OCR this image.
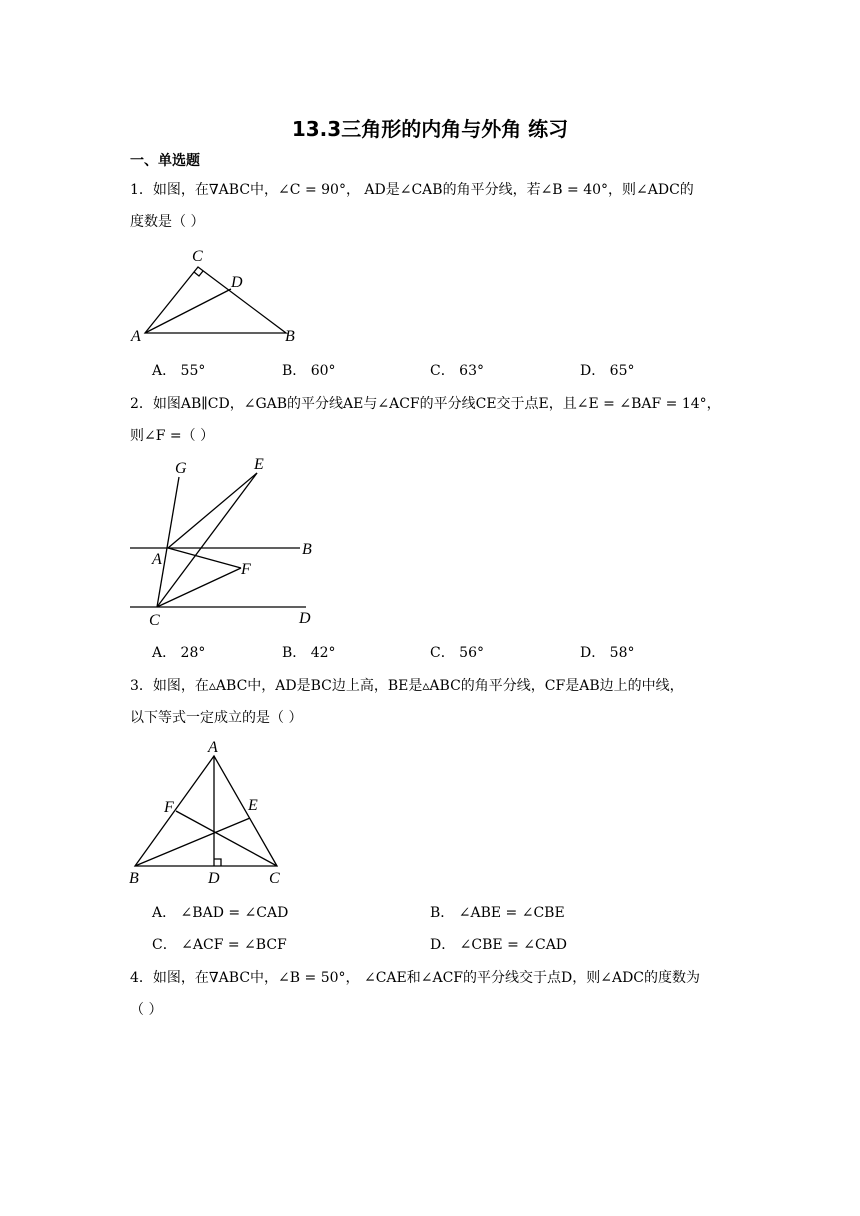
13.3三角形的内角与外角 练习
一、单选题
1．如图，在∇ABC中，∠C = 90°， AD是∠CAB的角平分线，若∠B = 40°，则∠ADC的
度数是（ ）
A
C
D
B
A． 55°	B． 60°	C． 63°	D． 65°
2．如图AB∥CD，∠GAB的平分线AE与∠ACF的平分线CE交于点E，且∠E = ∠BAF = 14°，
则∠F =（ ）
G	E
B
A
F
C	D
A． 28°	B． 42°	C． 56°	D． 58°
3．如图，在▵ABC中，AD是BC边上高，BE是▵ABC的角平分线，CF是AB边上的中线，
以下等式一定成立的是（ ）
A
F	E
B	D	C
A． ∠BAD = ∠CAD	B． ∠ABE = ∠CBE
C． ∠ACF = ∠BCF	D． ∠CBE = ∠CAD
4．如图，在∇ABC中，∠B = 50°， ∠CAE和∠ACF的平分线交于点D，则∠ADC的度数为
（ ）
